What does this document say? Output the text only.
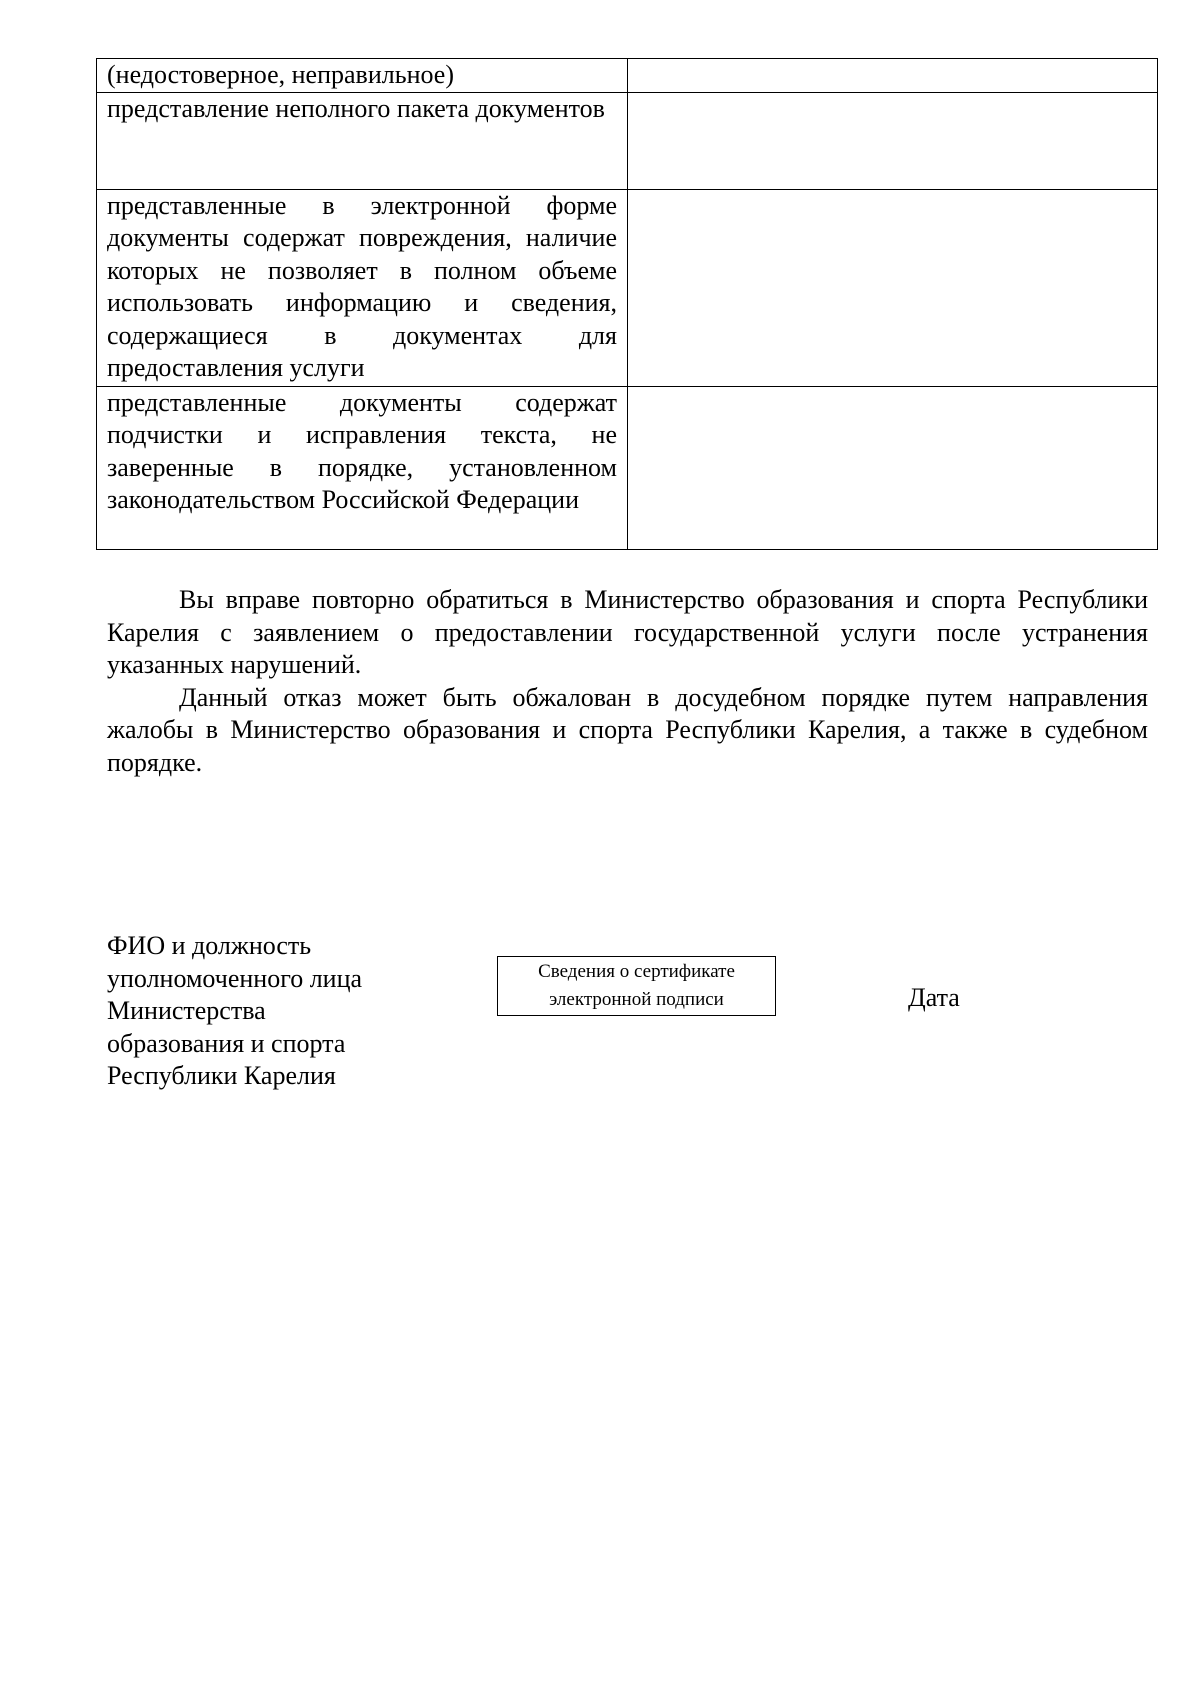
(недостоверное, неправильное)	
представление неполного пакета документов	
представленные в электронной форме документы содержат повреждения, наличие которых не позволяет в полном объеме использовать информацию и сведения, содержащиеся в документах для предоставления услуги	
представленные документы содержат подчистки и исправления текста, не заверенные в порядке, установленном законодательством Российской Федерации	

Вы вправе повторно обратиться в Министерство образования и спорта Республики Карелия с заявлением о предоставлении государственной услуги после устранения указанных нарушений.

Данный отказ может быть обжалован в досудебном порядке путем направления жалобы в Министерство образования и спорта Республики Карелия, а также в судебном порядке.

ФИО и должность
уполномоченного лица
Министерства
образования и спорта
Республики Карелия
Сведения о сертификате
электронной подписи	Дата
